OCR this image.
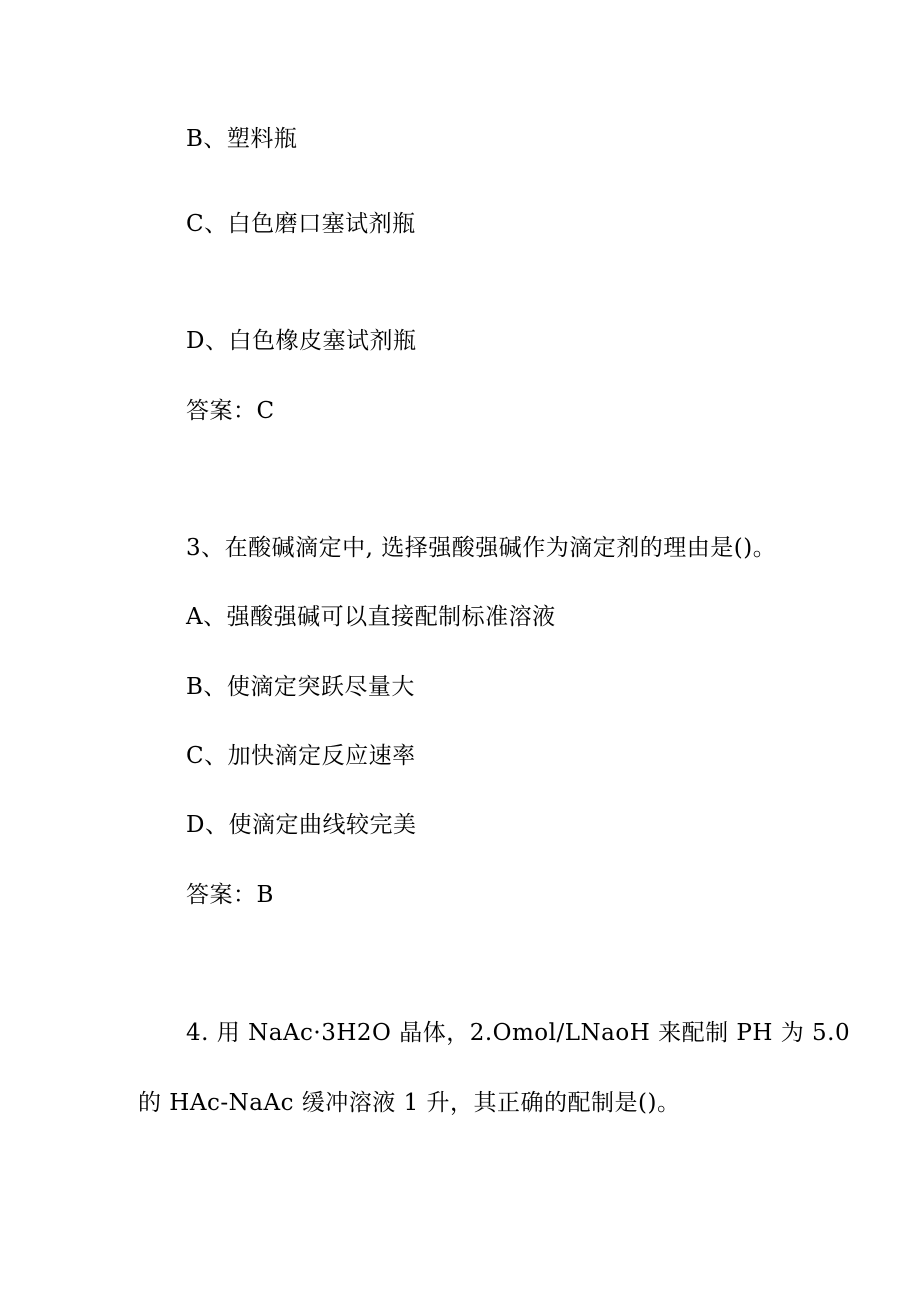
B、塑料瓶
C、白色磨口塞试剂瓶
D、白色橡皮塞试剂瓶
答案：C
3、在酸碱滴定中, 选择强酸强碱作为滴定剂的理由是()。
A、强酸强碱可以直接配制标准溶液
B、使滴定突跃尽量大
C、加快滴定反应速率
D、使滴定曲线较完美
答案：B
4. 用 NaAc·3H2O 晶体，2.Omol/LNaoH 来配制 PH 为 5.0
的 HAc-NaAc 缓冲溶液 1 升，其正确的配制是()。
